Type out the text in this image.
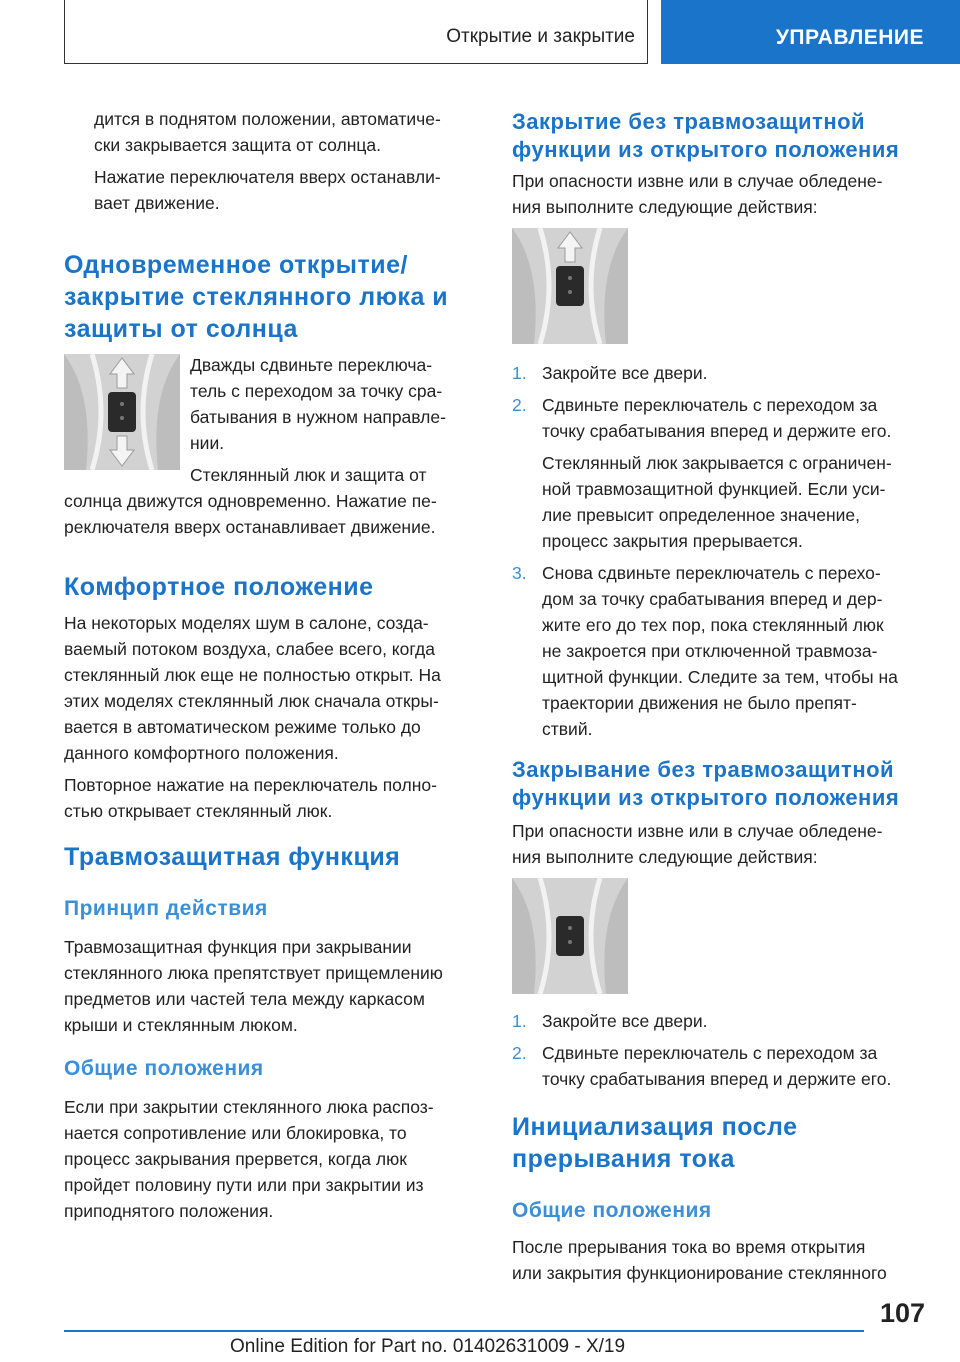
Открытие и закрытие	УПРАВЛЕНИЕ

дится в поднятом положении, автоматиче-

ски закрывается защита от солнца.

Нажатие переключателя вверх останавли-

вает движение.

Одновременное открытие/
закрытие стеклянного люка и
защиты от солнца

Дважды сдвиньте переключа-

тель с переходом за точку сра-

батывания в нужном направле-

нии.

Стеклянный люк и защита от

солнца движутся одновременно. Нажатие пе-

реключателя вверх останавливает движение.

Комфортное положение

На некоторых моделях шум в салоне, созда-

ваемый потоком воздуха, слабее всего, когда

стеклянный люк еще не полностью открыт. На

этих моделях стеклянный люк сначала откры-

вается в автоматическом режиме только до

данного комфортного положения.

Повторное нажатие на переключатель полно-

стью открывает стеклянный люк.

Травмозащитная функция
Принцип действия

Травмозащитная функция при закрывании

стеклянного люка препятствует прищемлению

предметов или частей тела между каркасом

крыши и стеклянным люком.

Общие положения

Если при закрытии стеклянного люка распоз-

нается сопротивление или блокировка, то

процесс закрывания прервется, когда люк

пройдет половину пути или при закрытии из

приподнятого положения.

Закрытие без травмозащитной
функции из открытого положения

При опасности извне или в случае обледене-

ния выполните следующие действия:

1. Закройте все двери.

2. Сдвиньте переключатель с переходом за

точку срабатывания вперед и держите его.

Стеклянный люк закрывается с ограничен-

ной травмозащитной функцией. Если уси-

лие превысит определенное значение,

процесс закрытия прерывается.

3. Снова сдвиньте переключатель с перехо-

дом за точку срабатывания вперед и дер-

жите его до тех пор, пока стеклянный люк

не закроется при отключенной травмоза-

щитной функции. Следите за тем, чтобы на

траектории движения не было препят-

ствий.

Закрывание без травмозащитной
функции из открытого положения

При опасности извне или в случае обледене-

ния выполните следующие действия:

1. Закройте все двери.

2. Сдвиньте переключатель с переходом за

точку срабатывания вперед и держите его.

Инициализация после
прерывания тока
Общие положения

После прерывания тока во время открытия

или закрытия функционирование стеклянного

107
Online Edition for Part no. 01402631009 - X/19
